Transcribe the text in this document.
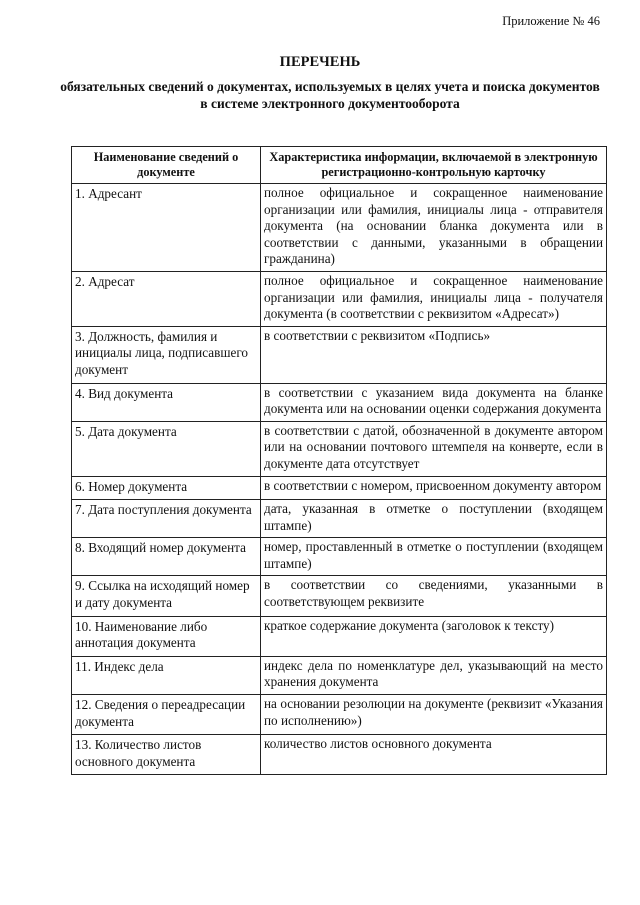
Приложение № 46
ПЕРЕЧЕНЬ
обязательных сведений о документах, используемых в целях учета и поиска документов в системе электронного документооборота
Наименование сведений о документе	Характеристика информации, включаемой в электронную регистрационно-контрольную карточку
1. Адресант	полное официальное и сокращенное наименование организации или фамилия, инициалы лица - отправителя документа (на основании бланка документа или в соответствии с данными, указанными в обращении гражданина)
2. Адресат	полное официальное и сокращенное наименование организации или фамилия, инициалы лица - получателя документа (в соответствии с реквизитом «Адресат»)
3. Должность, фамилия и инициалы лица, подписавшего документ	в соответствии с реквизитом «Подпись»
4. Вид документа	в соответствии с указанием вида документа на бланке документа или на основании оценки содержания документа
5. Дата документа	в соответствии с датой, обозначенной в документе автором или на основании почтового штемпеля на конверте, если в документе дата отсутствует
6. Номер документа	в соответствии с номером, присвоенном документу автором
7. Дата поступления документа	дата, указанная в отметке о поступлении (входящем штампе)
8. Входящий номер документа	номер, проставленный в отметке о поступлении (входящем штампе)
9. Ссылка на исходящий номер и дату документа	в соответствии со сведениями, указанными в соответствующем реквизите
10. Наименование либо аннотация документа	краткое содержание документа (заголовок к тексту)
11. Индекс дела	индекс дела по номенклатуре дел, указывающий на место хранения документа
12. Сведения о переадресации документа	на основании резолюции на документе (реквизит «Указания по исполнению»)
13. Количество листов основного документа	количество листов основного документа
